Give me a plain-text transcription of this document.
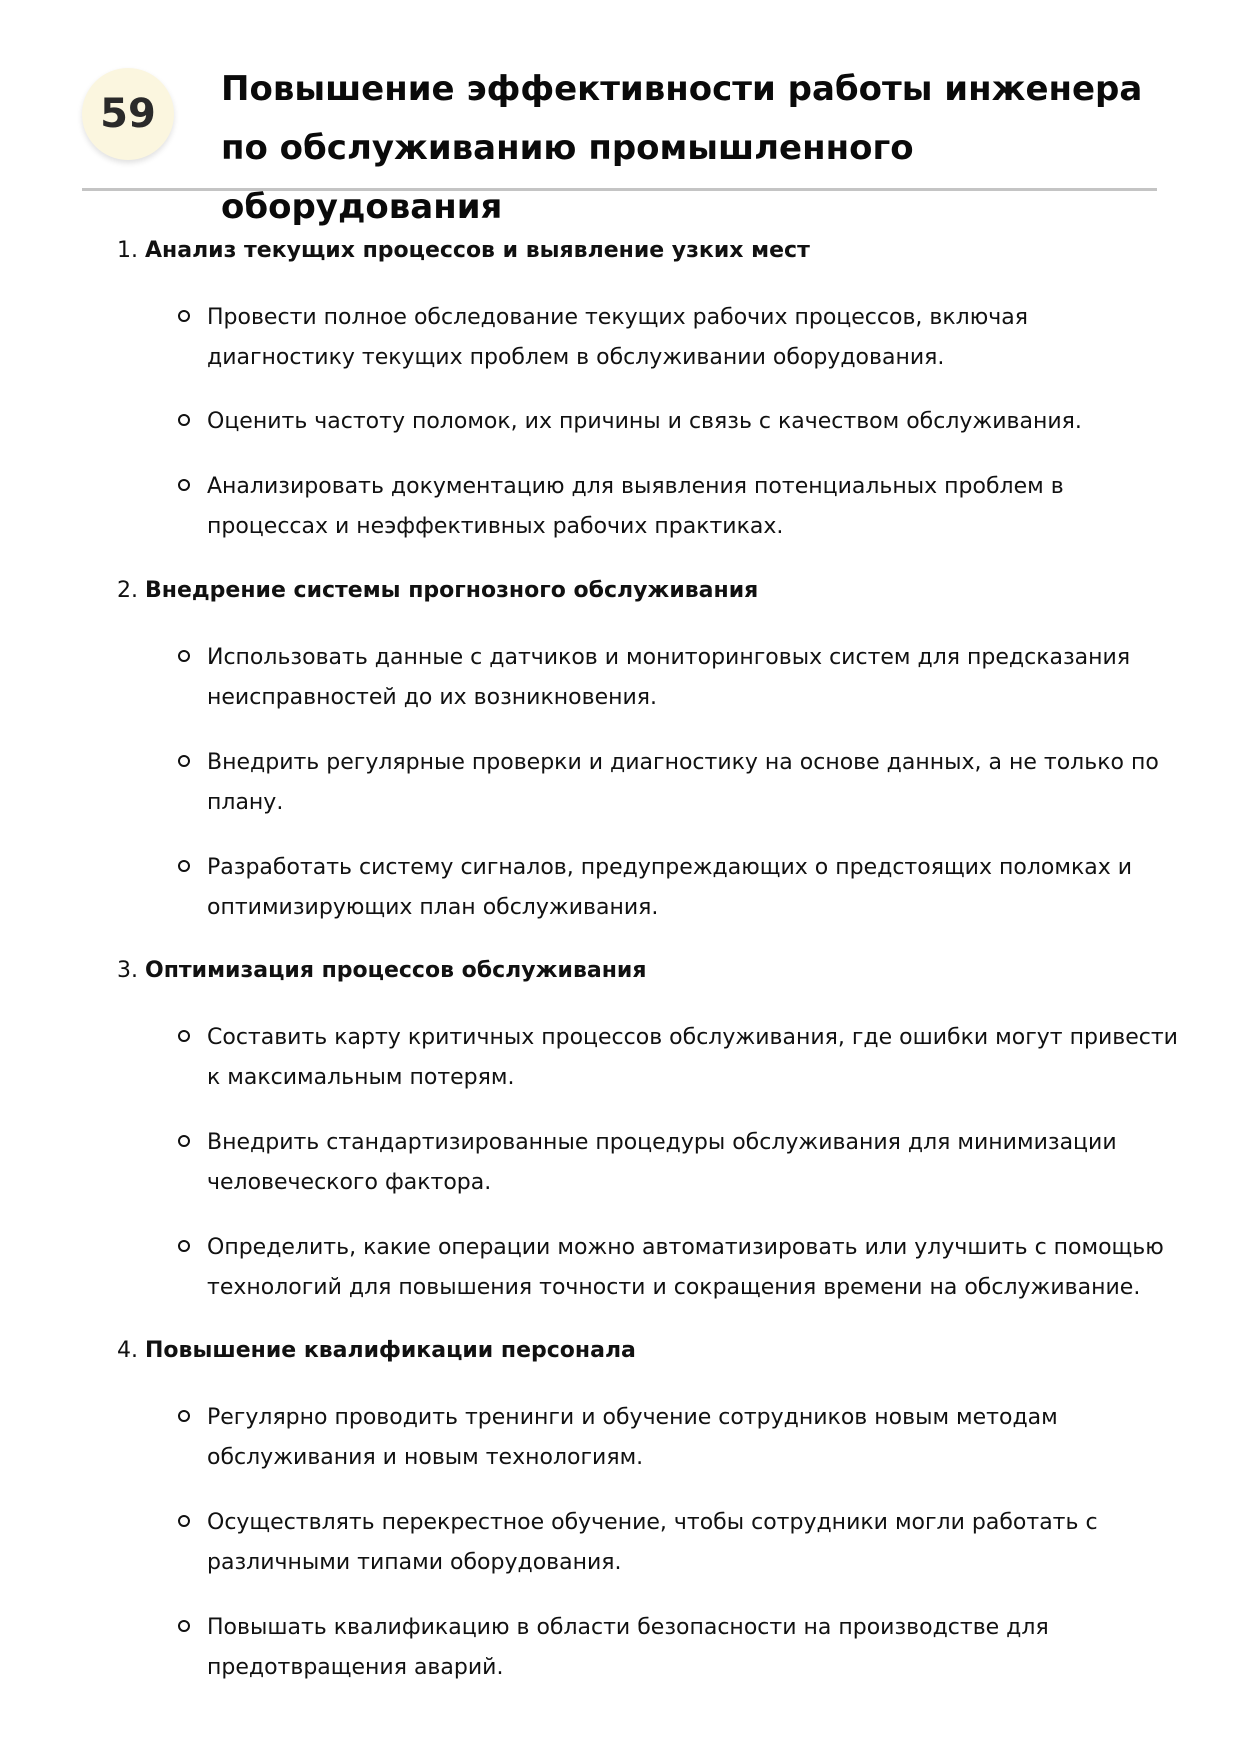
59
Повышение эффективности работы инженера по обслуживанию промышленного оборудования
1. Анализ текущих процессов и выявление узких мест
Провести полное обследование текущих рабочих процессов, включая диагностику текущих проблем в обслуживании оборудования.
Оценить частоту поломок, их причины и связь с качеством обслуживания.
Анализировать документацию для выявления потенциальных проблем в процессах и неэффективных рабочих практиках.
2. Внедрение системы прогнозного обслуживания
Использовать данные с датчиков и мониторинговых систем для предсказания неисправностей до их возникновения.
Внедрить регулярные проверки и диагностику на основе данных, а не только по плану.
Разработать систему сигналов, предупреждающих о предстоящих поломках и оптимизирующих план обслуживания.
3. Оптимизация процессов обслуживания
Составить карту критичных процессов обслуживания, где ошибки могут привести к максимальным потерям.
Внедрить стандартизированные процедуры обслуживания для минимизации человеческого фактора.
Определить, какие операции можно автоматизировать или улучшить с помощью технологий для повышения точности и сокращения времени на обслуживание.
4. Повышение квалификации персонала
Регулярно проводить тренинги и обучение сотрудников новым методам обслуживания и новым технологиям.
Осуществлять перекрестное обучение, чтобы сотрудники могли работать с различными типами оборудования.
Повышать квалификацию в области безопасности на производстве для предотвращения аварий.
